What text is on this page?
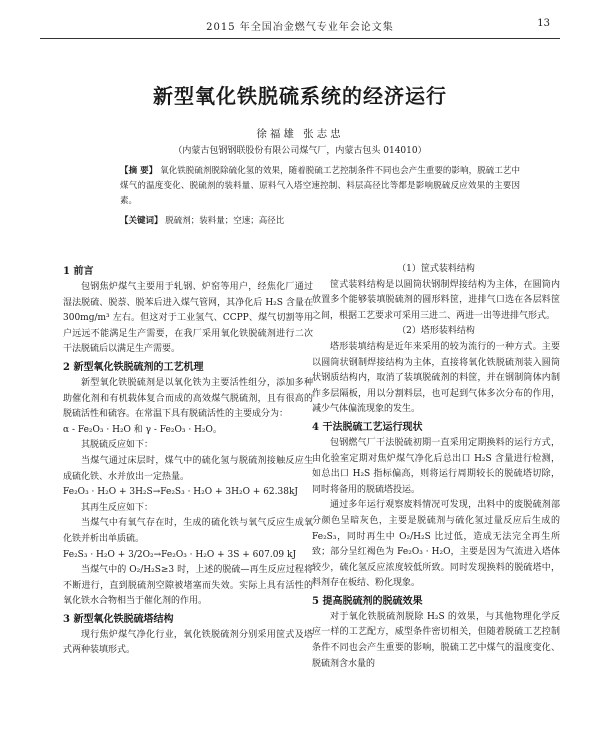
2015 年全国冶金燃气专业年会论文集	13
新型氧化铁脱硫系统的经济运行
徐福雄 张志忠
（内蒙古包钢钢联股份有限公司煤气厂，内蒙古包头 014010）
【摘 要】 氧化铁脱硫剂脱除硫化氢的效果，随着脱硫工艺控制条件不同也会产生重要的影响，脱硫工艺中煤气的温度变化、脱硫剂的装料量、原料气入塔空速控制、料层高径比等都是影响脱硫反应效果的主要因素。
【关键词】 脱硫剂；装料量；空速；高径比
1 前言

包钢焦炉煤气主要用于轧钢、炉窑等用户，经焦化厂通过湿法脱硫、脱萘、脱苯后进入煤气管网，其净化后 H₂S 含量在 300mg/m³ 左右。但这对于工业氢气、CCPP、煤气切割等用户远远不能满足生产需要，在我厂采用氧化铁脱硫剂进行二次干法脱硫后以满足生产需要。

2 新型氧化铁脱硫剂的工艺机理

新型氧化铁脱硫剂是以氧化铁为主要活性组分，添加多种助催化剂和有机载体复合而成的高效煤气脱硫剂，且有很高的脱硫活性和硫容。在常温下具有脱硫活性的主要成分为：

α - Fe₂O₃ · H₂O 和 γ - Fe₂O₃ · H₂O。

其脱硫反应如下：

当煤气通过床层时，煤气中的硫化氢与脱硫剂接触反应生成硫化铁、水并放出一定热量。

Fe₂O₃ · H₂O + 3H₂S→Fe₂S₃ · H₂O + 3H₂O + 62.38kJ

其再生反应如下：

当煤气中有氧气存在时，生成的硫化铁与氧气反应生成氧化铁并析出单质硫。

Fe₂S₃ · H₂O + 3/2O₂→Fe₂O₃ · H₂O + 3S + 607.09 kJ

当煤气中的 O₂/H₂S≥3 时，上述的脱硫—再生反应过程将不断进行，直到脱硫剂空隙被堵塞而失效。实际上具有活性的氧化铁水合物相当于催化剂的作用。

3 新型氧化铁脱硫塔结构

现行焦炉煤气净化行业，氧化铁脱硫剂分别采用筐式及塔式两种装填形式。

（1）筐式装料结构

筐式装料结构是以圆筒状钢制焊接结构为主体，在圆筒内放置多个能够装填脱硫剂的圆形料筐，进排气口选在各层料筐之间，根据工艺要求可采用三进二、两进一出等进排气形式。

（2）塔形装料结构

塔形装填结构是近年来采用的较为流行的一种方式。主要以圆筒状钢制焊接结构为主体，直接将氧化铁脱硫剂装入圆筒状钢质结构内，取消了装填脱硫剂的料筐，并在钢制筒体内制作多层隔板，用以分割料层，也可起到气体多次分布的作用，减少气体偏流现象的发生。

4 干法脱硫工艺运行现状

包钢燃气厂干法脱硫初期一直采用定期换料的运行方式，由化验室定期对焦炉煤气净化后总出口 H₂S 含量进行检测，如总出口 H₂S 指标偏高，则将运行周期较长的脱硫塔切除，同时将备用的脱硫塔投运。

通过多年运行观察废料情况可发现，出料中的废脱硫剂部分颜色呈暗灰色，主要是脱硫剂与硫化氢过量反应后生成的 Fe₂S₃，同时再生中 O₂/H₂S 比过低，造成无法完全再生所致；部分呈红褐色为 Fe₂O₃ · H₂O，主要是因为气流进入塔体较少，硫化氢反应浓度较低所致。同时发现换料的脱硫塔中，料剂存在板结、粉化现象。

5 提高脱硫剂的脱硫效果

对于氧化铁脱硫剂脱除 H₂S 的效果，与其他物理化学反应一样的工艺配方，威型条件密切相关，但随着脱硫工艺控制条件不同也会产生重要的影响，脱硫工艺中煤气的温度变化、脱硫剂含水量的
